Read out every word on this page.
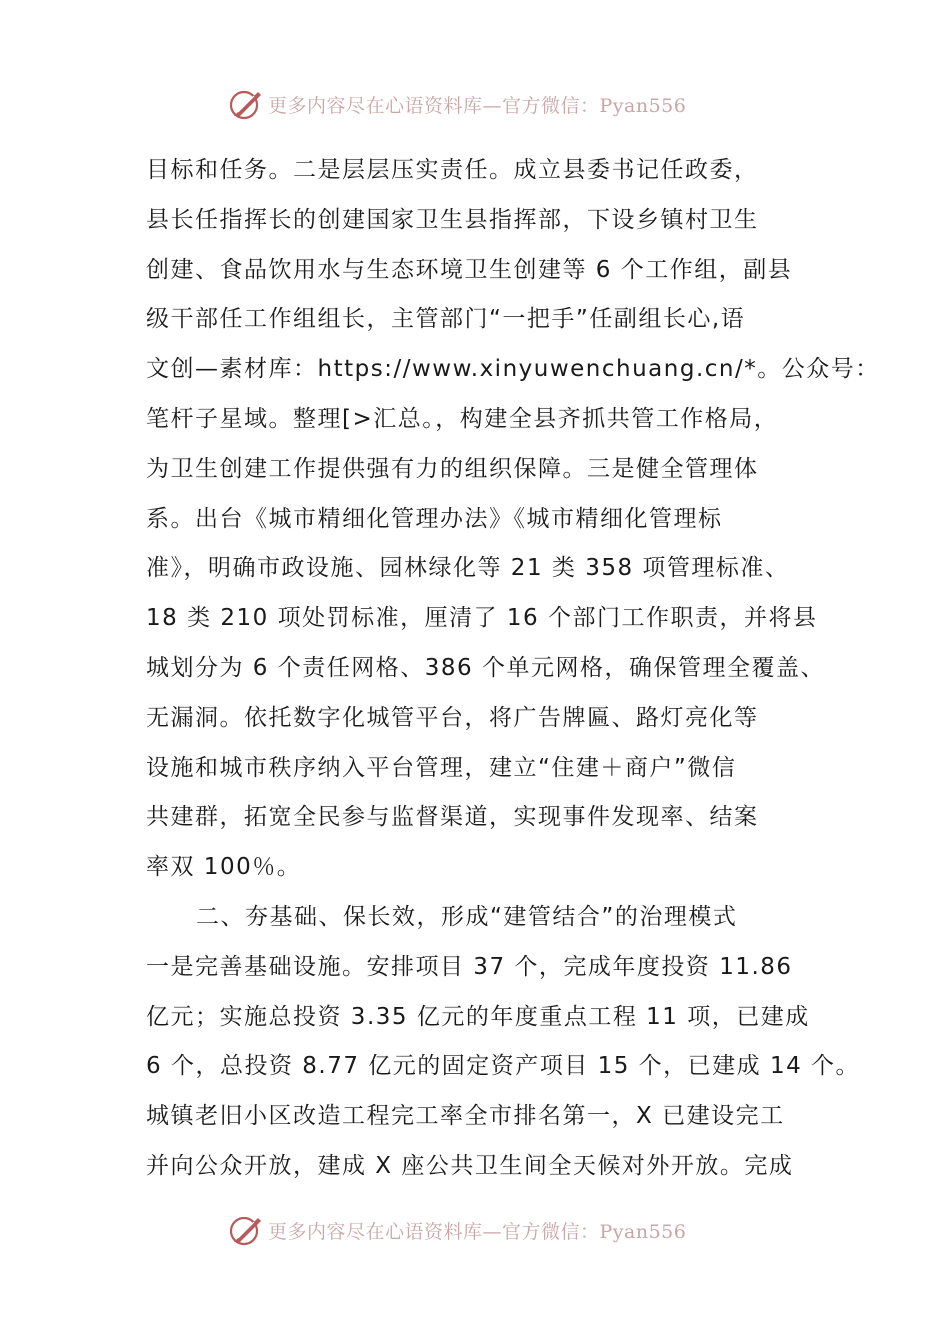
更多内容尽在心语资料库—官方微信：Pyan556
目标和任务。二是层层压实责任。成立县委书记任政委，
县长任指挥长的创建国家卫生县指挥部，下设乡镇村卫生
创建、食品饮用水与生态环境卫生创建等 6 个工作组，副县
级干部任工作组组长，主管部门“一把手”任副组长心,语
文创—素材库：https://www.xinyuwenchuang.cn/*。公众号：
笔杆子星域。整理[>汇总。，构建全县齐抓共管工作格局，
为卫生创建工作提供强有力的组织保障。三是健全管理体
系。出台《城市精细化管理办法》《城市精细化管理标
准》，明确市政设施、园林绿化等 21 类 358 项管理标准、
18 类 210 项处罚标准，厘清了 16 个部门工作职责，并将县
城划分为 6 个责任网格、386 个单元网格，确保管理全覆盖、
无漏洞。依托数字化城管平台，将广告牌匾、路灯亮化等
设施和城市秩序纳入平台管理，建立“住建＋商户”微信
共建群，拓宽全民参与监督渠道，实现事件发现率、结案
率双 100％。
二、夯基础、保长效，形成“建管结合”的治理模式
一是完善基础设施。安排项目 37 个，完成年度投资 11.86
亿元；实施总投资 3.35 亿元的年度重点工程 11 项，已建成
6 个，总投资 8.77 亿元的固定资产项目 15 个，已建成 14 个。
城镇老旧小区改造工程完工率全市排名第一，X 已建设完工
并向公众开放，建成 X 座公共卫生间全天候对外开放。完成
更多内容尽在心语资料库—官方微信：Pyan556
